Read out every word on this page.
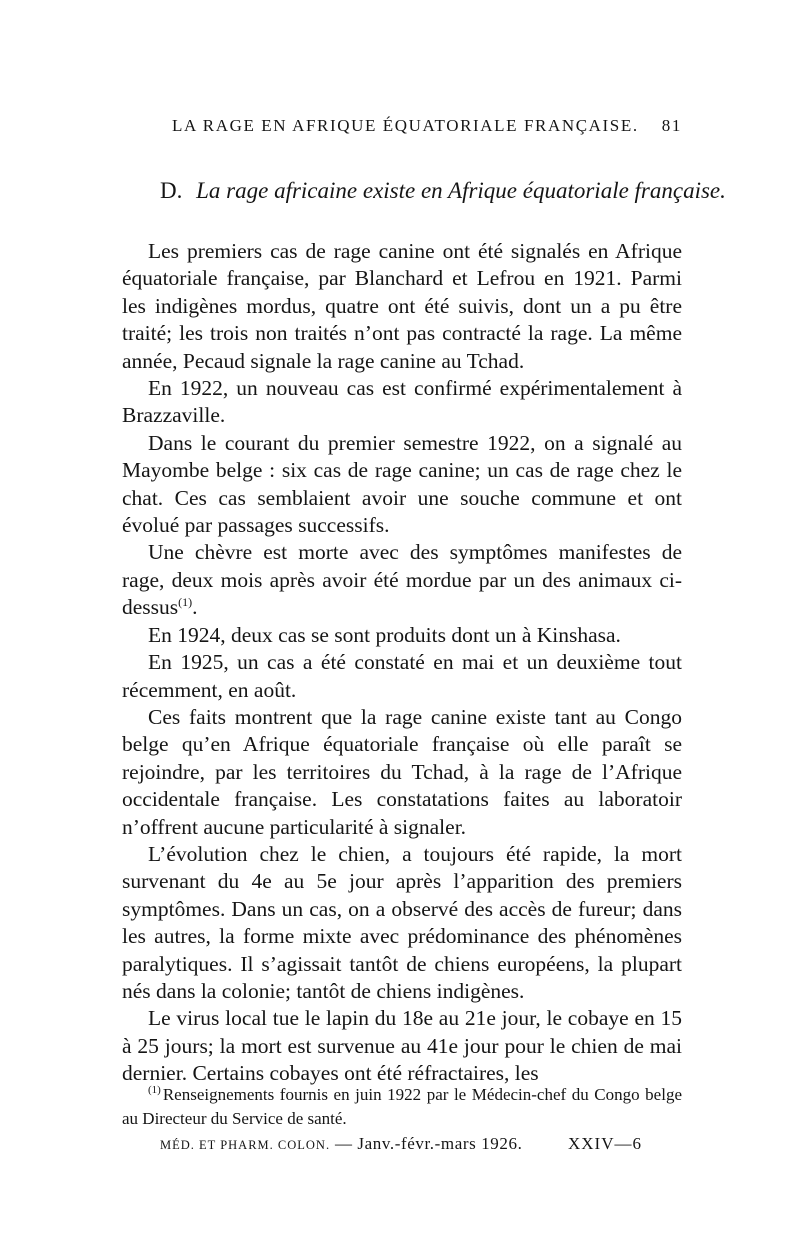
LA RAGE EN AFRIQUE ÉQUATORIALE FRANÇAISE. 81
D. La rage africaine existe en Afrique équatoriale française.

Les premiers cas de rage canine ont été signalés en Afrique équatoriale française, par Blanchard et Lefrou en 1921. Parmi les indigènes mordus, quatre ont été suivis, dont un a pu être traité; les trois non traités n’ont pas contracté la rage. La même année, Pecaud signale la rage canine au Tchad.

En 1922, un nouveau cas est confirmé expérimentalement à Brazzaville.

Dans le courant du premier semestre 1922, on a signalé au Mayombe belge : six cas de rage canine; un cas de rage chez le chat. Ces cas semblaient avoir une souche commune et ont évolué par passages successifs.

Une chèvre est morte avec des symptômes manifestes de rage, deux mois après avoir été mordue par un des animaux ci-dessus$^{(1)}$.

En 1924, deux cas se sont produits dont un à Kinshasa.

En 1925, un cas a été constaté en mai et un deuxième tout récemment, en août.

Ces faits montrent que la rage canine existe tant au Congo belge qu’en Afrique équatoriale française où elle paraît se rejoindre, par les territoires du Tchad, à la rage de l’Afrique occidentale française. Les constatations faites au laboratoir n’offrent aucune particularité à signaler.

L’évolution chez le chien, a toujours été rapide, la mort survenant du 4e au 5e jour après l’apparition des premiers symptômes. Dans un cas, on a observé des accès de fureur; dans les autres, la forme mixte avec prédominance des phénomènes paralytiques. Il s’agissait tantôt de chiens européens, la plupart nés dans la colonie; tantôt de chiens indigènes.

Le virus local tue le lapin du 18e au 21e jour, le cobaye en 15 à 25 jours; la mort est survenue au 41e jour pour le chien de mai dernier. Certains cobayes ont été réfractaires, les

$^{(1)}$ Renseignements fournis en juin 1922 par le Médecin-chef du Congo belge au Directeur du Service de santé.

MÉD. ET PHARM. COLON. — Janv.-févr.-mars 1926.	XXIV—6
